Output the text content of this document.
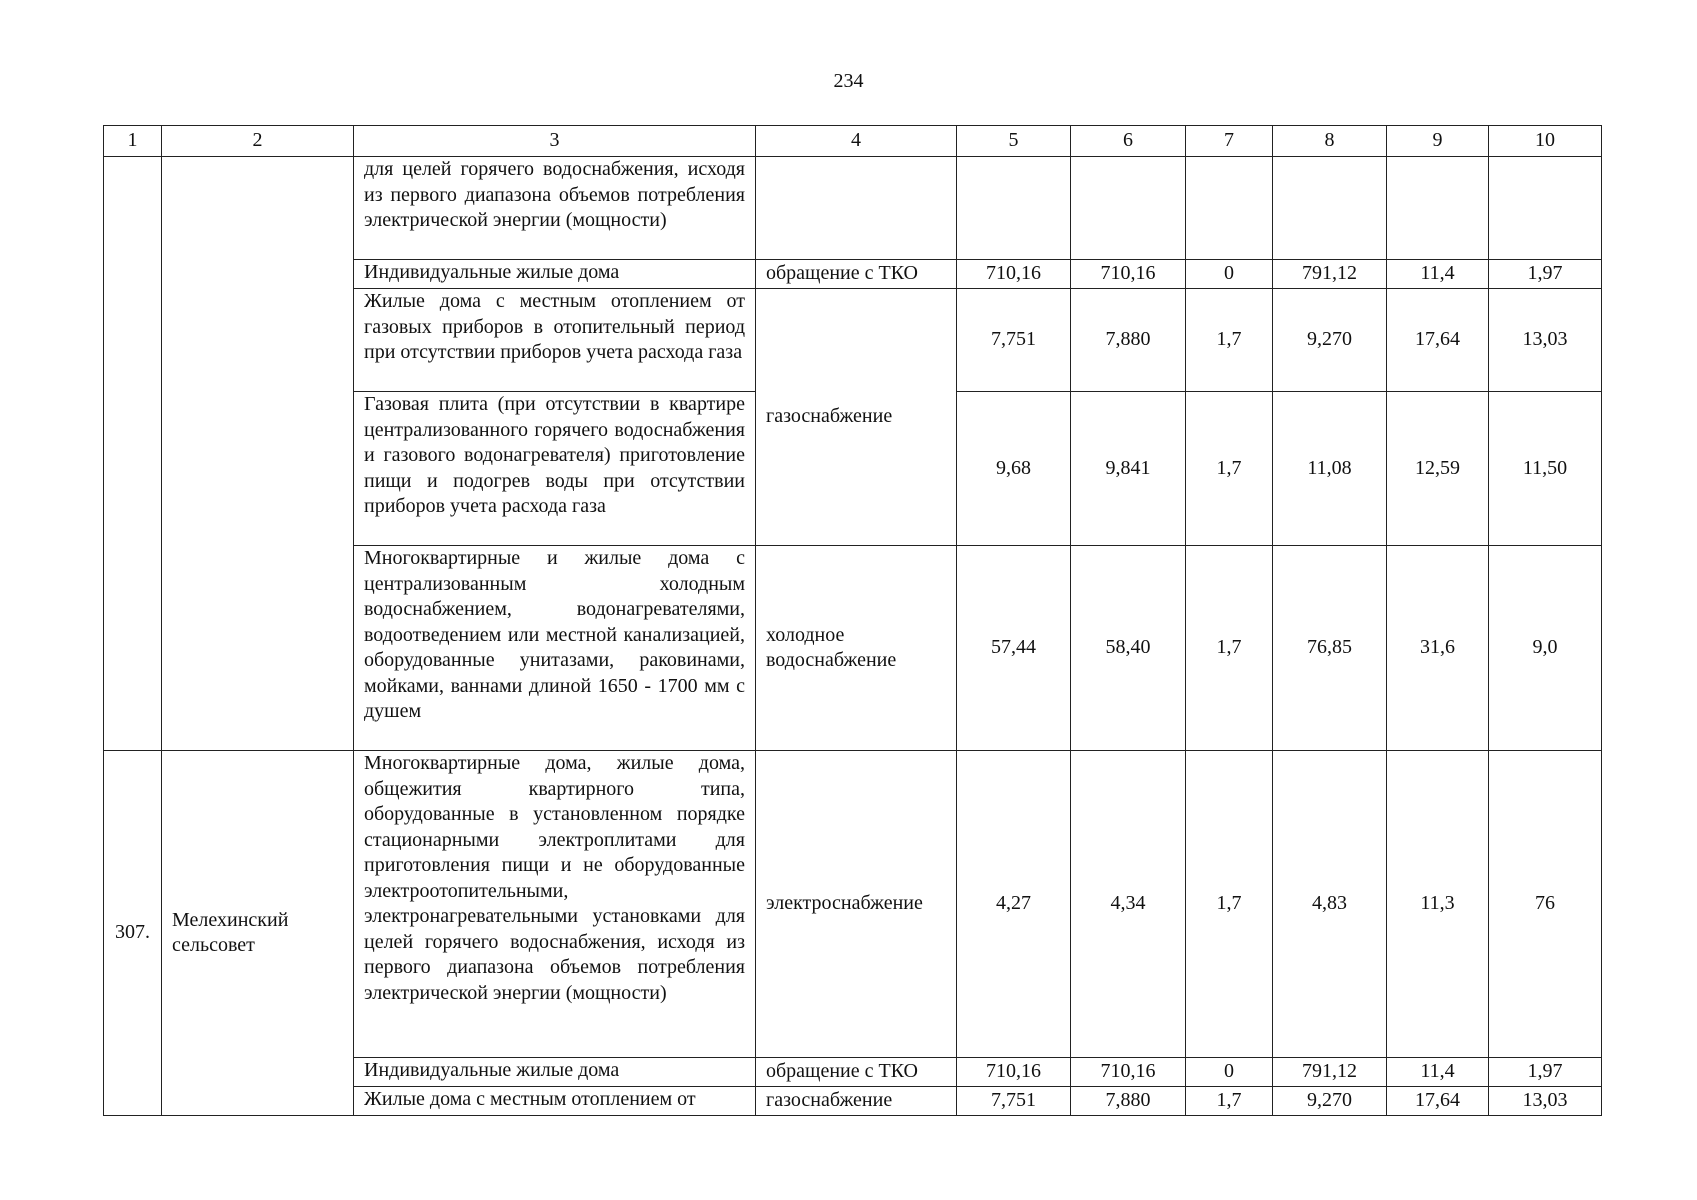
234
1	2	3	4	5	6	7	8	9	10
		для целей горячего водоснабжения, исходя из первого диапазона объемов потребления электрической энергии (мощности)							
		Индивидуальные жилые дома	обращение с ТКО	710,16	710,16	0	791,12	11,4	1,97
		Жилые дома с местным отоплением от газовых приборов в отопительный период при отсутствии приборов учета расхода газа	газоснабжение	7,751	7,880	1,7	9,270	17,64	13,03
		Газовая плита (при отсутствии в квартире централизованного горячего водоснабжения и газового водонагревателя) приготовление пищи и подогрев воды при отсутствии приборов учета расхода газа		9,68	9,841	1,7	11,08	12,59	11,50
		Многоквартирные и жилые дома с централизованным холодным водоснабжением, водонагревателями, водоотведением или местной канализацией, оборудованные унитазами, раковинами, мойками, ваннами длиной 1650 - 1700 мм с душем	холодное водоснабжение	57,44	58,40	1,7	76,85	31,6	9,0
307.	Мелехинский сельсовет	Многоквартирные дома, жилые дома, общежития квартирного типа, оборудованные в установленном порядке стационарными электроплитами для приготовления пищи и не оборудованные электроотопительными, электронагревательными установками для целей горячего водоснабжения, исходя из первого диапазона объемов потребления электрической энергии (мощности)	электроснабжение	4,27	4,34	1,7	4,83	11,3	76
		Индивидуальные жилые дома	обращение с ТКО	710,16	710,16	0	791,12	11,4	1,97
		Жилые дома с местным отоплением от	газоснабжение	7,751	7,880	1,7	9,270	17,64	13,03
